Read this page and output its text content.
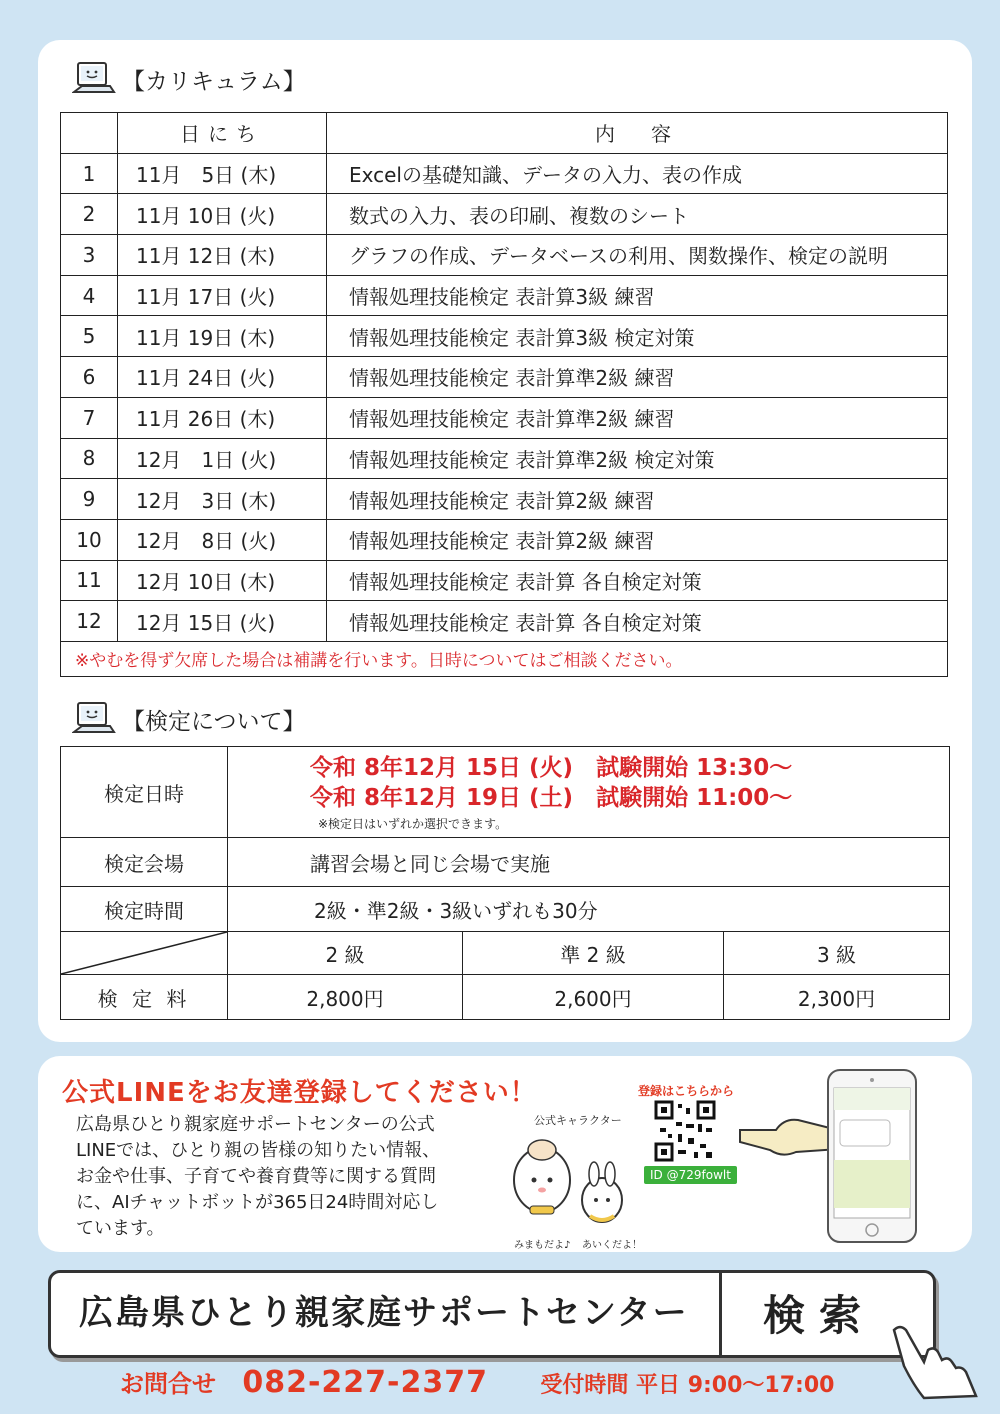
【カリキュラム】
	日にち	内　容
1	11月　5日 (木)	Excelの基礎知識、データの入力、表の作成
2	11月 10日 (火)	数式の入力、表の印刷、複数のシート
3	11月 12日 (木)	グラフの作成、データベースの利用、関数操作、検定の説明
4	11月 17日 (火)	情報処理技能検定 表計算3級 練習
5	11月 19日 (木)	情報処理技能検定 表計算3級 検定対策
6	11月 24日 (火)	情報処理技能検定 表計算準2級 練習
7	11月 26日 (木)	情報処理技能検定 表計算準2級 練習
8	12月　1日 (火)	情報処理技能検定 表計算準2級 検定対策
9	12月　3日 (木)	情報処理技能検定 表計算2級 練習
10	12月　8日 (火)	情報処理技能検定 表計算2級 練習
11	12月 10日 (木)	情報処理技能検定 表計算 各自検定対策
12	12月 15日 (火)	情報処理技能検定 表計算 各自検定対策
※やむを得ず欠席した場合は補講を行います。日時についてはご相談ください。		
【検定について】
検定日時	令和 8年12月 15日 (火)　試験開始 13:30～
令和 8年12月 19日 (土)　試験開始 11:00～
※検定日はいずれか選択できます。		

検定会場	講習会場と同じ会場で実施		
検定時間	2級・準2級・3級いずれも30分		

	2 級	準 2 級	3 級
検 定 料	2,800円	2,600円	2,300円
公式LINEをお友達登録してください！

広島県ひとり親家庭サポートセンターの公式

LINEでは、ひとり親の皆様の知りたい情報、

お金や仕事、子育てや養育費等に関する質問

に、AIチャットボットが365日24時間対応し

ています。

公式キャラクター
みまもだよ♪ あいくだよ！
登録はこちらから
ID @729fowlt
広島県ひとり親家庭サポートセンター 検索
お問合せ 082-227-2377 受付時間 平日 9:00～17:00
